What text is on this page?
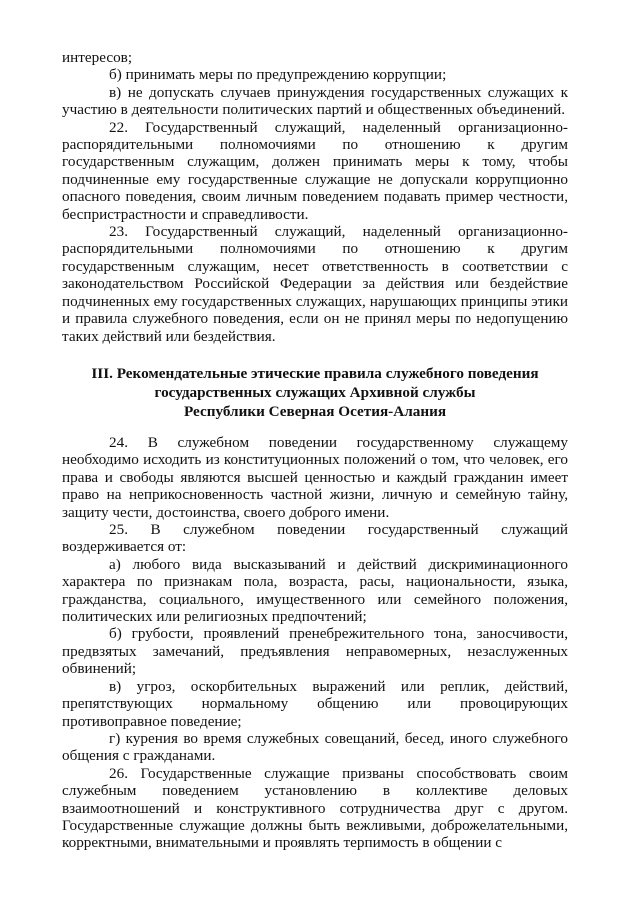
интересов;

б) принимать меры по предупреждению коррупции;

в) не допускать случаев принуждения государственных служащих к участию в деятельности политических партий и общественных объединений.

22. Государственный служащий, наделенный организационно-распорядительными полномочиями по отношению к другим государственным служащим, должен принимать меры к тому, чтобы подчиненные ему государственные служащие не допускали коррупционно опасного поведения, своим личным поведением подавать пример честности, беспристрастности и справедливости.

23. Государственный служащий, наделенный организационно-распорядительными полномочиями по отношению к другим государственным служащим, несет ответственность в соответствии с законодательством Российской Федерации за действия или бездействие подчиненных ему государственных служащих, нарушающих принципы этики и правила служебного поведения, если он не принял меры по недопущению таких действий или бездействия.

III. Рекомендательные этические правила служебного поведения
государственных служащих Архивной службы
Республики Северная Осетия-Алания

24. В служебном поведении государственному служащему необходимо исходить из конституционных положений о том, что человек, его права и свободы являются высшей ценностью и каждый гражданин имеет право на неприкосновенность частной жизни, личную и семейную тайну, защиту чести, достоинства, своего доброго имени.

25. В служебном поведении государственный служащий воздерживается от:

а) любого вида высказываний и действий дискриминационного характера по признакам пола, возраста, расы, национальности, языка, гражданства, социального, имущественного или семейного положения, политических или религиозных предпочтений;

б) грубости, проявлений пренебрежительного тона, заносчивости, предвзятых замечаний, предъявления неправомерных, незаслуженных обвинений;

в) угроз, оскорбительных выражений или реплик, действий, препятствующих нормальному общению или провоцирующих противоправное поведение;

г) курения во время служебных совещаний, бесед, иного служебного общения с гражданами.

26. Государственные служащие призваны способствовать своим служебным поведением установлению в коллективе деловых взаимоотношений и конструктивного сотрудничества друг с другом. Государственные служащие должны быть вежливыми, доброжелательными, корректными, внимательными и проявлять терпимость в общении с
